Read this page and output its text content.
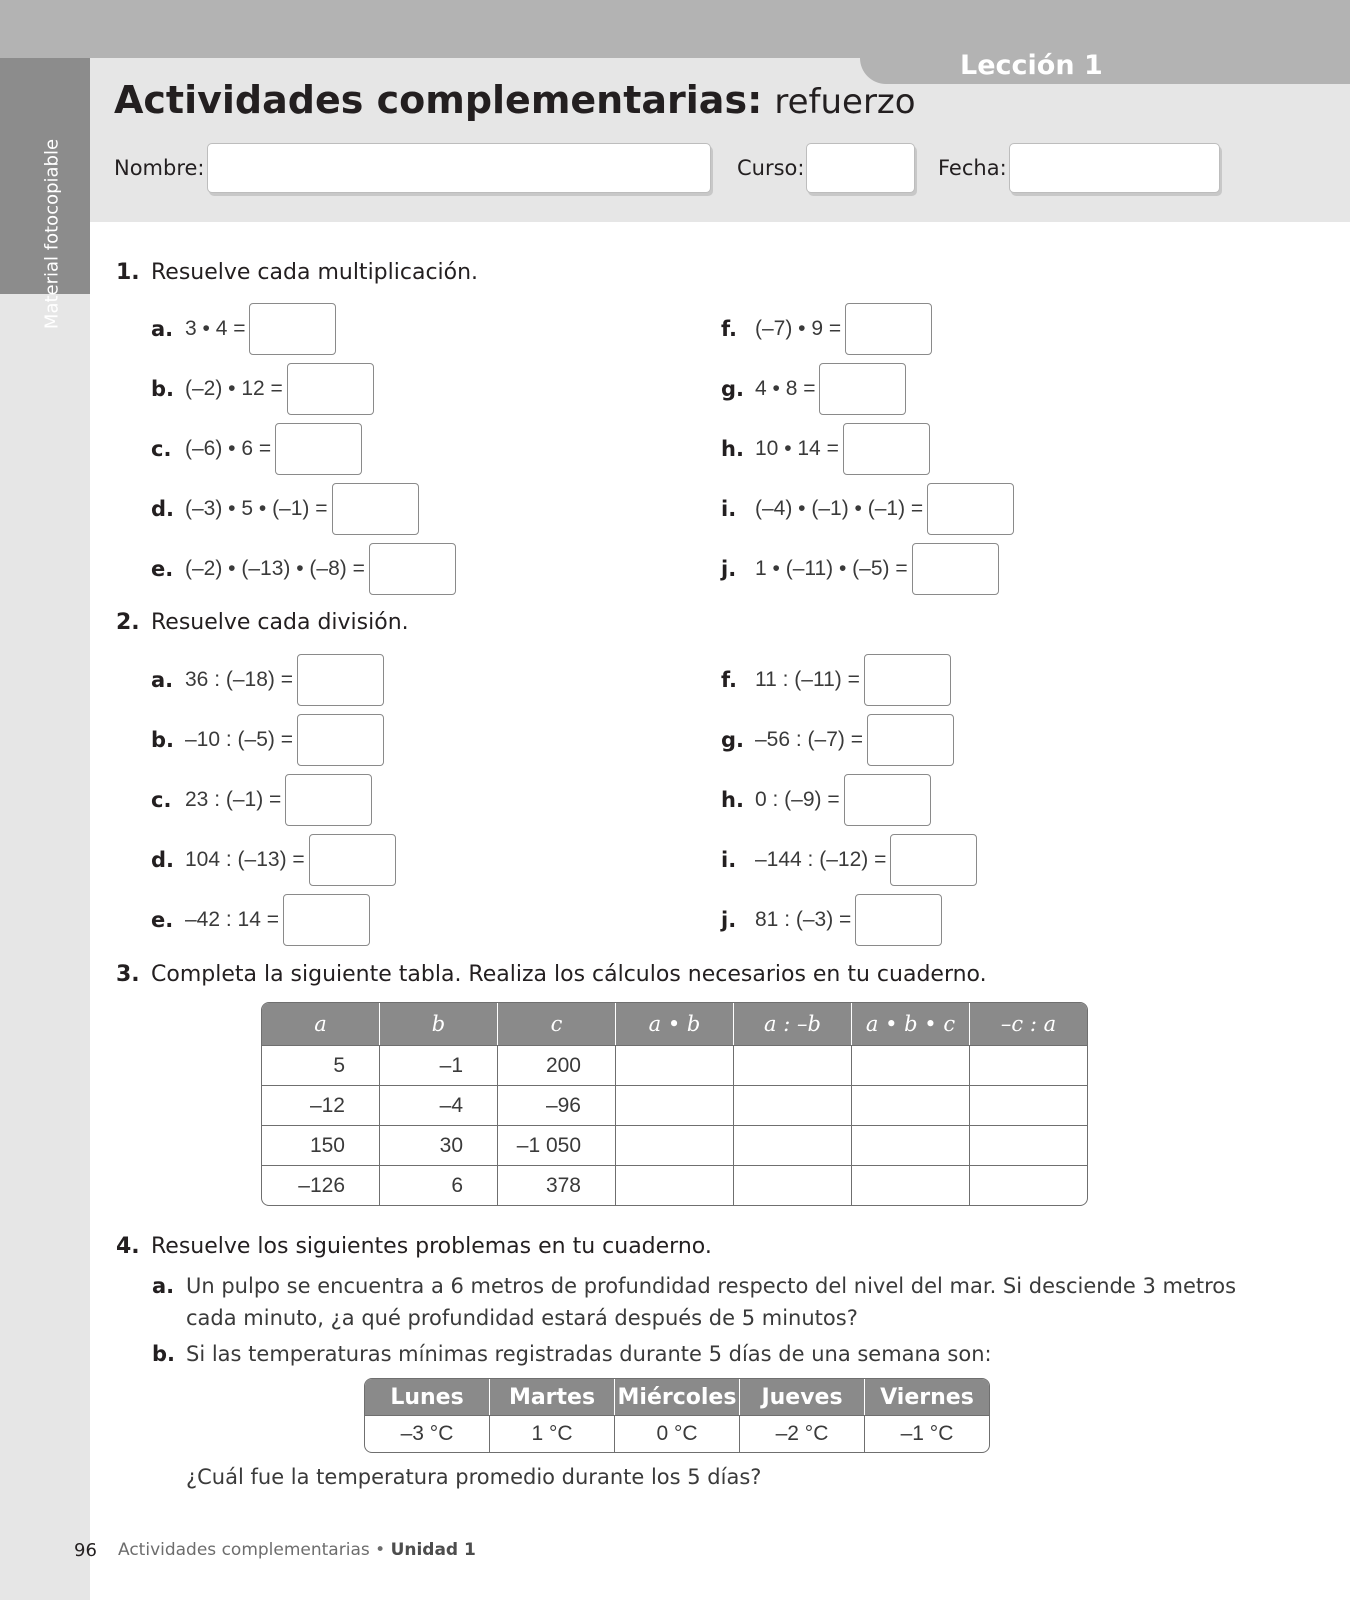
Material fotocopiable
Lección 1
Actividades complementarias: refuerzo
Nombre:	Curso:	Fecha:
1. Resuelve cada multiplicación.
a. 3 • 4 =
b. (–2) • 12 =
c. (–6) • 6 =
d. (–3) • 5 • (–1) =
e. (–2) • (–13) • (–8) =
f. (–7) • 9 =
g. 4 • 8 =
h. 10 • 14 =
i. (–4) • (–1) • (–1) =
j. 1 • (–11) • (–5) =
2. Resuelve cada división.
a. 36 : (–18) =
b. –10 : (–5) =
c. 23 : (–1) =
d. 104 : (–13) =
e. –42 : 14 =
f. 11 : (–11) =
g. –56 : (–7) =
h. 0 : (–9) =
i. –144 : (–12) =
j. 81 : (–3) =
3. Completa la siguiente tabla. Realiza los cálculos necesarios en tu cuaderno.
a	b	c	a • b	a : –b	a • b • c	–c : a
5	–1	200				
–12	–4	–96				
150	30	–1 050				
–126	6	378				
4. Resuelve los siguientes problemas en tu cuaderno.
a. Un pulpo se encuentra a 6 metros de profundidad respecto del nivel del mar. Si desciende 3 metros
cada minuto, ¿a qué profundidad estará después de 5 minutos?
b. Si las temperaturas mínimas registradas durante 5 días de una semana son:
Lunes	Martes	Miércoles	Jueves	Viernes
–3 °C	1 °C	0 °C	–2 °C	–1 °C
¿Cuál fue la temperatura promedio durante los 5 días?
96 Actividades complementarias • Unidad 1
